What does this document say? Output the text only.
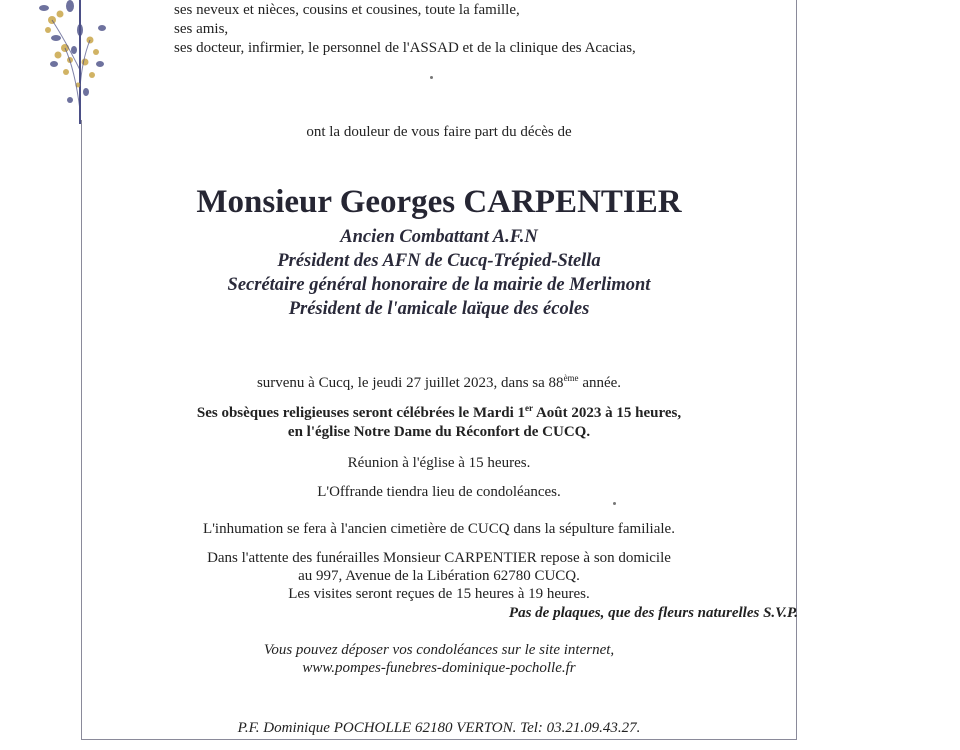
ses neveux et nièces, cousins et cousines, toute la famille,
ses amis,
ses docteur, infirmier, le personnel de l'ASSAD et de la clinique des Acacias,
ont la douleur de vous faire part du décès de
Monsieur Georges CARPENTIER
Ancien Combattant A.F.N
Président des AFN de Cucq-Trépied-Stella
Secrétaire général honoraire de la mairie de Merlimont
Président de l'amicale laïque des écoles
survenu à Cucq, le jeudi 27 juillet 2023, dans sa 88ème année.
Ses obsèques religieuses seront célébrées le Mardi 1er Août 2023 à 15 heures,
en l'église Notre Dame du Réconfort de CUCQ.
Réunion à l'église à 15 heures.
L'Offrande tiendra lieu de condoléances.
L'inhumation se fera à l'ancien cimetière de CUCQ dans la sépulture familiale.
Dans l'attente des funérailles Monsieur CARPENTIER repose à son domicile
au 997, Avenue de la Libération 62780 CUCQ.
Les visites seront reçues de 15 heures à 19 heures.
Pas de plaques, que des fleurs naturelles S.V.P.
Vous pouvez déposer vos condoléances sur le site internet,
www.pompes-funebres-dominique-pocholle.fr
P.F. Dominique POCHOLLE 62180 VERTON. Tel: 03.21.09.43.27.
